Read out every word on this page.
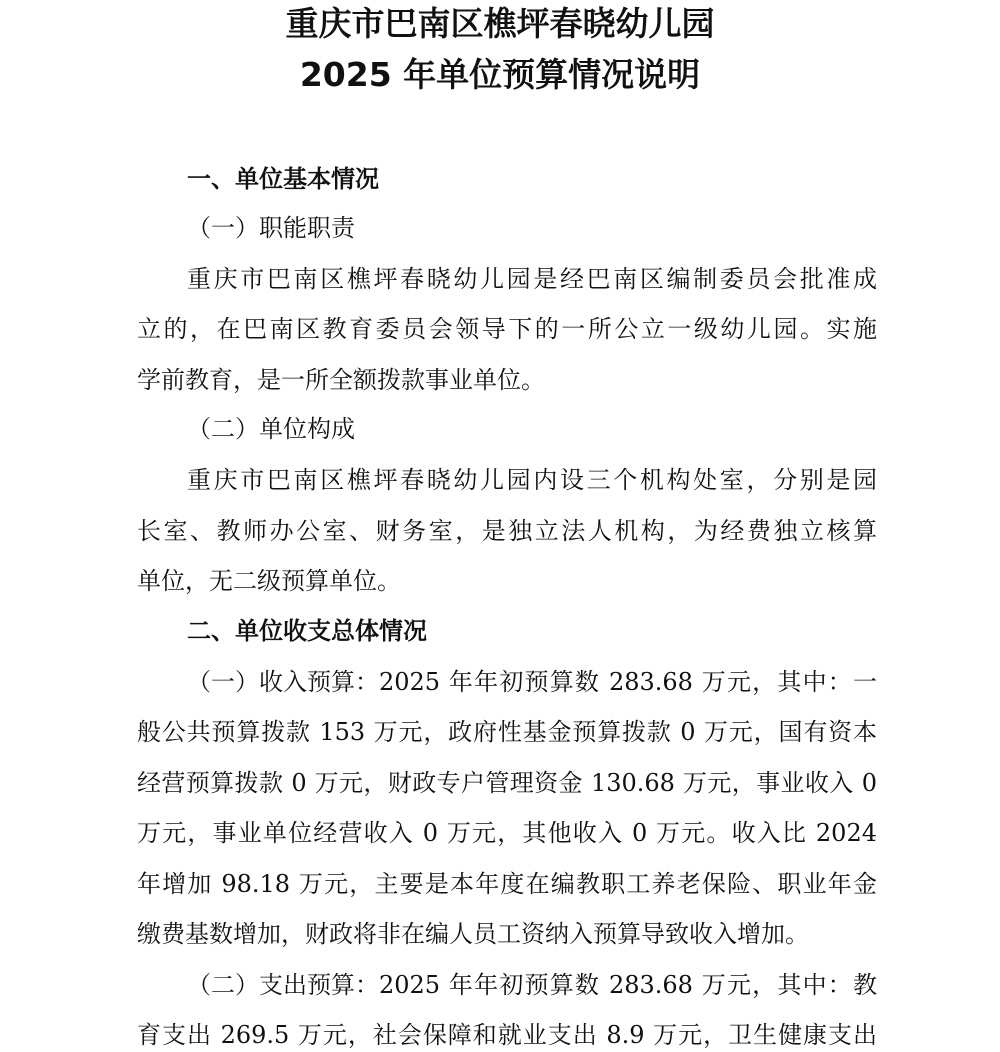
重庆市巴南区樵坪春晓幼儿园
2025 年单位预算情况说明

一、单位基本情况

（一）职能职责

重庆市巴南区樵坪春晓幼儿园是经巴南区编制委员会批准成

立的，在巴南区教育委员会领导下的一所公立一级幼儿园。实施

学前教育，是一所全额拨款事业单位。

（二）单位构成

重庆市巴南区樵坪春晓幼儿园内设三个机构处室，分别是园

长室、教师办公室、财务室，是独立法人机构，为经费独立核算

单位，无二级预算单位。

二、单位收支总体情况

（一）收入预算： 2025 年年初预算数 283.68 万元，其中：一

般公共预算拨款 153 万元，政府性基金预算拨款 0 万元，国有资本

经营预算拨款 0 万元，财政专户管理资金 130.68 万元，事业收入 0

万元，事业单位经营收入 0 万元，其他收入 0 万元。收入比 2024

年增加 98.18 万元，主要是本年度在编教职工养老保险、职业年金

缴费基数增加，财政将非在编人员工资纳入预算导致收入增加。

（二）支出预算： 2025 年年初预算数 283.68 万元，其中：教

育支出 269.5 万元，社会保障和就业支出 8.9 万元，卫生健康支出
